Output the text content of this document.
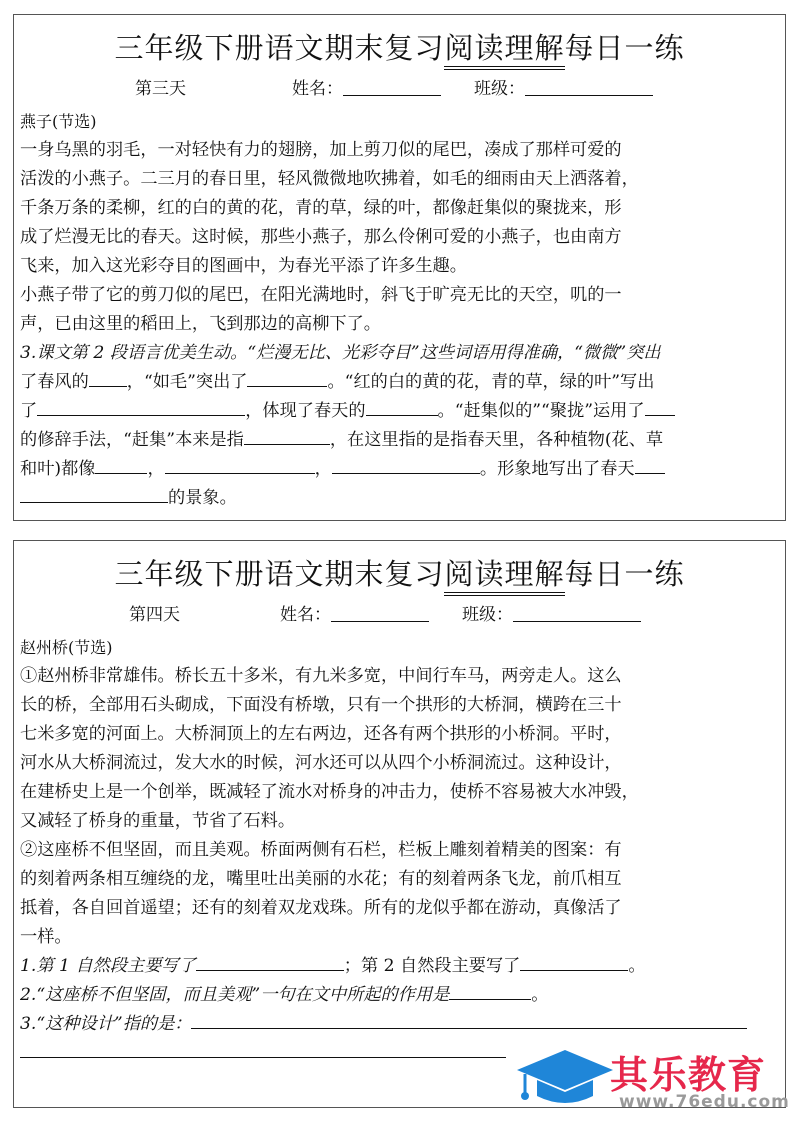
三年级下册语文期末复习阅读理解每日一练
第三天	姓名：	班级：
燕子(节选)
一身乌黑的羽毛，一对轻快有力的翅膀，加上剪刀似的尾巴，凑成了那样可爱的
活泼的小燕子。二三月的春日里，轻风微微地吹拂着，如毛的细雨由天上洒落着，
千条万条的柔柳，红的白的黄的花，青的草，绿的叶，都像赶集似的聚拢来，形
成了烂漫无比的春天。这时候，那些小燕子，那么伶俐可爱的小燕子，也由南方
飞来，加入这光彩夺目的图画中，为春光平添了许多生趣。
小燕子带了它的剪刀似的尾巴，在阳光满地时，斜飞于旷亮无比的天空，叽的一
声，已由这里的稻田上，飞到那边的高柳下了。
3.课文第 2 段语言优美生动。“烂漫无比、光彩夺目”这些词语用得准确，“微微”突出
了春风的 ，“如毛”突出了	。“红的白的黄的花，青的草，绿的叶”写出
了	，体现了春天的	。“赶集似的”“聚拢”运用了
的修辞手法，“赶集”本来是指	，在这里指的是指春天里，各种植物(花、草
和叶)都像	，	，	。形象地写出了春天
的景象。
三年级下册语文期末复习阅读理解每日一练
第四天	姓名：	班级：
赵州桥(节选)
①赵州桥非常雄伟。桥长五十多米，有九米多宽，中间行车马，两旁走人。这么
长的桥，全部用石头砌成，下面没有桥墩，只有一个拱形的大桥洞，横跨在三十
七米多宽的河面上。大桥洞顶上的左右两边，还各有两个拱形的小桥洞。平时，
河水从大桥洞流过，发大水的时候，河水还可以从四个小桥洞流过。这种设计，
在建桥史上是一个创举，既减轻了流水对桥身的冲击力，使桥不容易被大水冲毁，
又减轻了桥身的重量，节省了石料。
②这座桥不但坚固，而且美观。桥面两侧有石栏，栏板上雕刻着精美的图案：有
的刻着两条相互缠绕的龙，嘴里吐出美丽的水花；有的刻着两条飞龙，前爪相互
抵着，各自回首遥望；还有的刻着双龙戏珠。所有的龙似乎都在游动，真像活了
一样。
1.第 1 自然段主要写了	；第 2 自然段主要写了	。
2.“这座桥不但坚固，而且美观”一句在文中所起的作用是	。
3.“这种设计”指的是：
其乐教育
www.76edu.com
